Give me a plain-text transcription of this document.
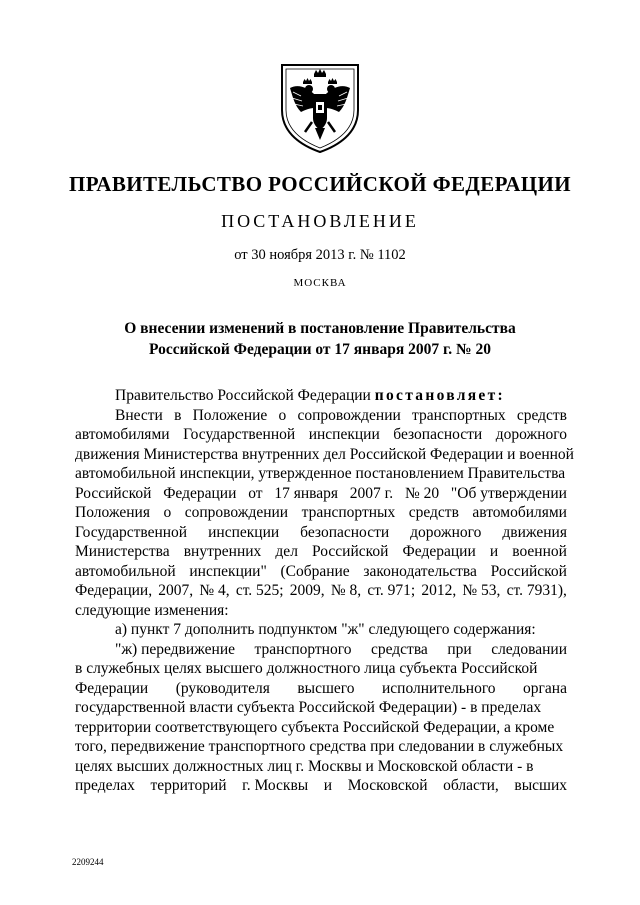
ПРАВИТЕЛЬСТВО РОССИЙСКОЙ ФЕДЕРАЦИИ
ПОСТАНОВЛЕНИЕ
от 30 ноября 2013 г. № 1102
МОСКВА
О внесении изменений в постановление Правительства
Российской Федерации от 17 января 2007 г. № 20
Правительство Российской Федерации постановляет:
Внести в Положение о сопровождении транспортных средств
автомобилями Государственной инспекции безопасности дорожного
движения Министерства внутренних дел Российской Федерации и военной
автомобильной инспекции, утвержденное постановлением Правительства
Российской Федерации от 17 января 2007 г. № 20 "Об утверждении
Положения о сопровождении транспортных средств автомобилями
Государственной инспекции безопасности дорожного движения
Министерства внутренних дел Российской Федерации и военной
автомобильной инспекции" (Собрание законодательства Российской
Федерации, 2007, № 4, ст. 525; 2009, № 8, ст. 971; 2012, № 53, ст. 7931),
следующие изменения:
а) пункт 7 дополнить подпунктом "ж" следующего содержания:
"ж) передвижение транспортного средства при следовании
в служебных целях высшего должностного лица субъекта Российской
Федерации (руководителя высшего исполнительного органа
государственной власти субъекта Российской Федерации) - в пределах
территории соответствующего субъекта Российской Федерации, а кроме
того, передвижение транспортного средства при следовании в служебных
целях высших должностных лиц г. Москвы и Московской области - в
пределах территорий г. Москвы и Московской области, высших
2209244
